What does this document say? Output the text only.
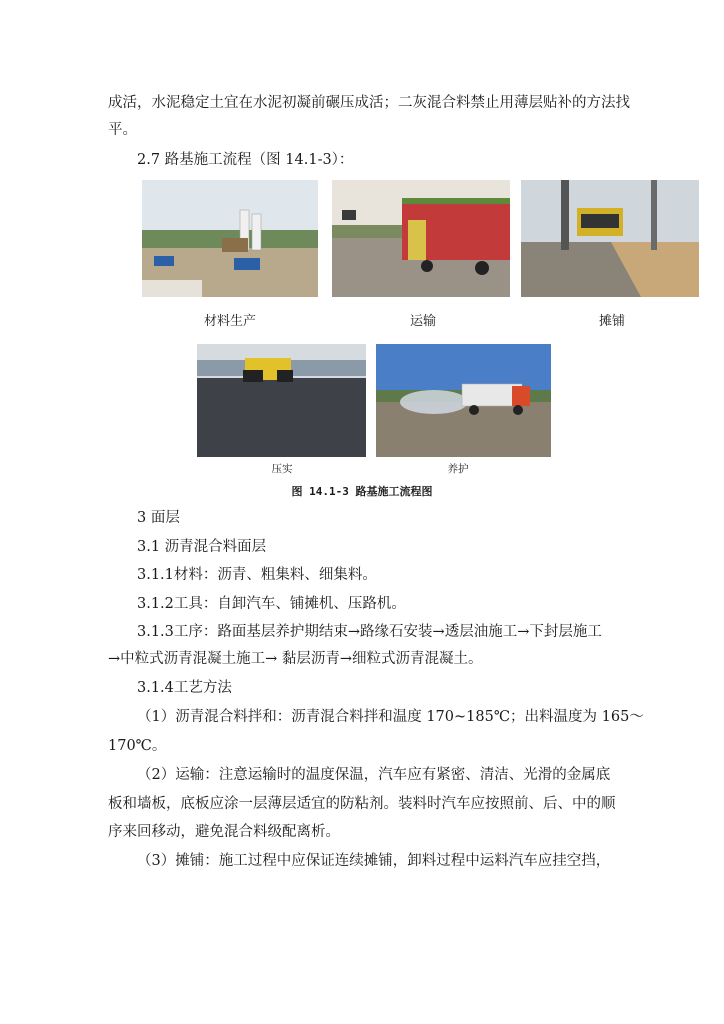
成活，水泥稳定土宜在水泥初凝前碾压成活；二灰混合料禁止用薄层贴补的方法找
平。
2.7 路基施工流程（图 14.1-3）：
材料生产	运输	摊铺
压实	养护
图 14.1-3 路基施工流程图
3 面层
3.1 沥青混合料面层
3.1.1材料：沥青、粗集料、细集料。
3.1.2工具：自卸汽车、铺摊机、压路机。
3.1.3工序：路面基层养护期结束→路缘石安装→透层油施工→下封层施工
→中粒式沥青混凝土施工→ 黏层沥青→细粒式沥青混凝土。
3.1.4工艺方法
（1）沥青混合料拌和：沥青混合料拌和温度 170~185℃；出料温度为 165～
170℃。
（2）运输：注意运输时的温度保温，汽车应有紧密、清洁、光滑的金属底
板和墙板，底板应涂一层薄层适宜的防粘剂。装料时汽车应按照前、后、中的顺
序来回移动，避免混合料级配离析。
（3）摊铺：施工过程中应保证连续摊铺，卸料过程中运料汽车应挂空挡，
